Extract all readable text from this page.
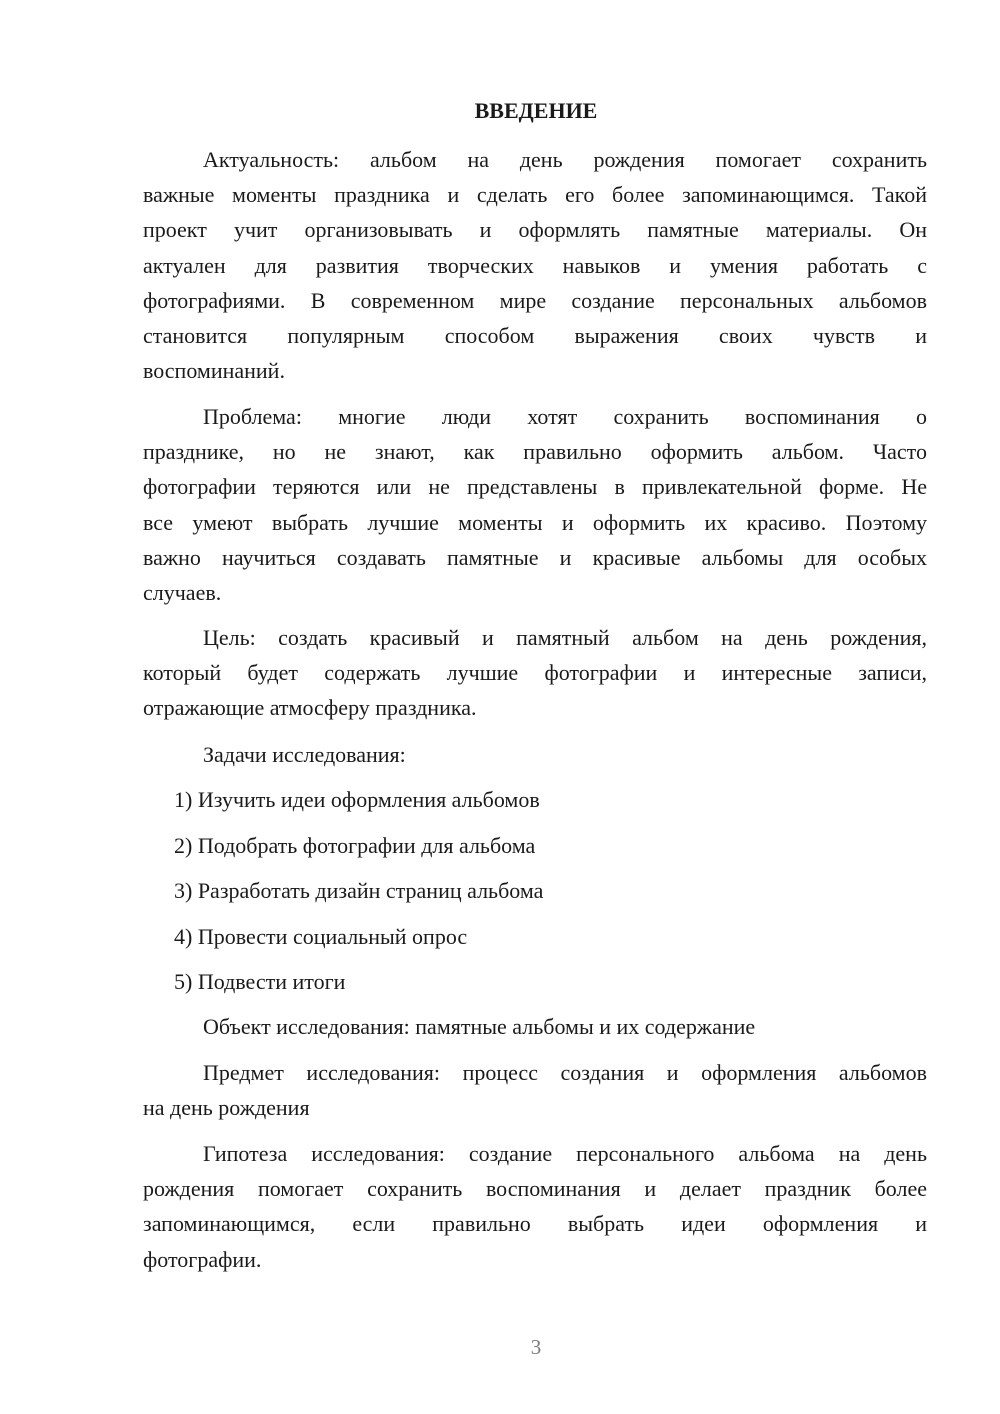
ВВЕДЕНИЕ
Актуальность: альбом на день рождения помогает сохранить
важные моменты праздника и сделать его более запоминающимся. Такой
проект учит организовывать и оформлять памятные материалы. Он
актуален для развития творческих навыков и умения работать с
фотографиями. В современном мире создание персональных альбомов
становится популярным способом выражения своих чувств и
воспоминаний.
Проблема: многие люди хотят сохранить воспоминания о
празднике, но не знают, как правильно оформить альбом. Часто
фотографии теряются или не представлены в привлекательной форме. Не
все умеют выбрать лучшие моменты и оформить их красиво. Поэтому
важно научиться создавать памятные и красивые альбомы для особых
случаев.
Цель: создать красивый и памятный альбом на день рождения,
который будет содержать лучшие фотографии и интересные записи,
отражающие атмосферу праздника.
Задачи исследования:
1) Изучить идеи оформления альбомов
2) Подобрать фотографии для альбома
3) Разработать дизайн страниц альбома
4) Провести социальный опрос
5) Подвести итоги
Объект исследования: памятные альбомы и их содержание
Предмет исследования: процесс создания и оформления альбомов
на день рождения
Гипотеза исследования: создание персонального альбома на день
рождения помогает сохранить воспоминания и делает праздник более
запоминающимся, если правильно выбрать идеи оформления и
фотографии.
3
